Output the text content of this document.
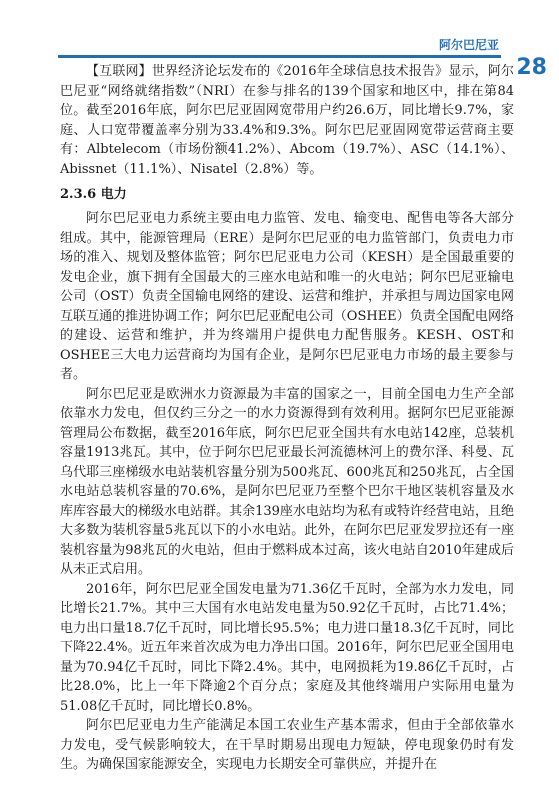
阿尔巴尼亚
28

【互联网】世界经济论坛发布的《2016年全球信息技术报告》显示，阿尔巴尼亚“网络就绪指数”（NRI）在参与排名的139个国家和地区中，排在第84位。截至2016年底，阿尔巴尼亚固网宽带用户约26.6万，同比增长9.7%，家庭、人口宽带覆盖率分别为33.4%和9.3%。阿尔巴尼亚固网宽带运营商主要有：Albtelecom（市场份额41.2%）、Abcom（19.7%）、ASC（14.1%）、Abissnet（11.1%）、Nisatel（2.8%）等。

2.3.6 电力

阿尔巴尼亚电力系统主要由电力监管、发电、输变电、配售电等各大部分组成。其中，能源管理局（ERE）是阿尔巴尼亚的电力监管部门，负责电力市场的准入、规划及整体监管；阿尔巴尼亚电力公司（KESH）是全国最重要的发电企业，旗下拥有全国最大的三座水电站和唯一的火电站；阿尔巴尼亚输电公司（OST）负责全国输电网络的建设、运营和维护，并承担与周边国家电网互联互通的推进协调工作；阿尔巴尼亚配电公司（OSHEE）负责全国配电网络的建设、运营和维护，并为终端用户提供电力配售服务。KESH、OST和OSHEE三大电力运营商均为国有企业，是阿尔巴尼亚电力市场的最主要参与者。

阿尔巴尼亚是欧洲水力资源最为丰富的国家之一，目前全国电力生产全部依靠水力发电，但仅约三分之一的水力资源得到有效利用。据阿尔巴尼亚能源管理局公布数据，截至2016年底，阿尔巴尼亚全国共有水电站142座，总装机容量1913兆瓦。其中，位于阿尔巴尼亚最长河流德林河上的费尔泽、科曼、瓦乌代耶三座梯级水电站装机容量分别为500兆瓦、600兆瓦和250兆瓦，占全国水电站总装机容量的70.6%，是阿尔巴尼亚乃至整个巴尔干地区装机容量及水库库容最大的梯级水电站群。其余139座水电站均为私有或特许经营电站，且绝大多数为装机容量5兆瓦以下的小水电站。此外，在阿尔巴尼亚发罗拉还有一座装机容量为98兆瓦的火电站，但由于燃料成本过高，该火电站自2010年建成后从未正式启用。

2016年，阿尔巴尼亚全国发电量为71.36亿千瓦时，全部为水力发电，同比增长21.7%。其中三大国有水电站发电量为50.92亿千瓦时，占比71.4%；电力出口量18.7亿千瓦时，同比增长95.5%；电力进口量18.3亿千瓦时，同比下降22.4%。近五年来首次成为电力净出口国。2016年，阿尔巴尼亚全国用电量为70.94亿千瓦时，同比下降2.4%。其中，电网损耗为19.86亿千瓦时，占比28.0%，比上一年下降逾2个百分点；家庭及其他终端用户实际用电量为51.08亿千瓦时，同比增长0.8%。

阿尔巴尼亚电力生产能满足本国工农业生产基本需求，但由于全部依靠水力发电，受气候影响较大，在干旱时期易出现电力短缺，停电现象仍时有发生。为确保国家能源安全，实现电力长期安全可靠供应，并提升在
